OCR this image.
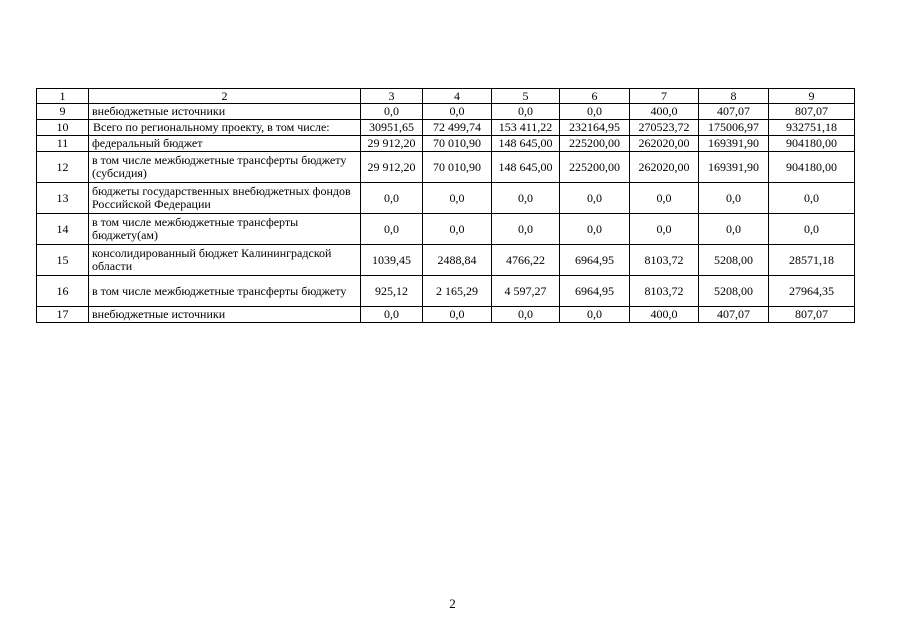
1	2	3	4	5	6	7	8	9
9	внебюджетные источники	0,0	0,0	0,0	0,0	400,0	407,07	807,07
10	Всего по региональному проекту, в том числе:	30951,65	72 499,74	153 411,22	232164,95	270523,72	175006,97	932751,18
11	федеральный бюджет	29 912,20	70 010,90	148 645,00	225200,00	262020,00	169391,90	904180,00
12	в том числе межбюджетные трансферты бюджету (субсидия)	29 912,20	70 010,90	148 645,00	225200,00	262020,00	169391,90	904180,00
13	бюджеты государственных внебюджетных фондов Российской Федерации	0,0	0,0	0,0	0,0	0,0	0,0	0,0
14	в том числе межбюджетные трансферты бюджету(ам)	0,0	0,0	0,0	0,0	0,0	0,0	0,0
15	консолидированный бюджет Калининградской области	1039,45	2488,84	4766,22	6964,95	8103,72	5208,00	28571,18
16	в том числе межбюджетные трансферты бюджету	925,12	2 165,29	4 597,27	6964,95	8103,72	5208,00	27964,35
17	внебюджетные источники	0,0	0,0	0,0	0,0	400,0	407,07	807,07
2
